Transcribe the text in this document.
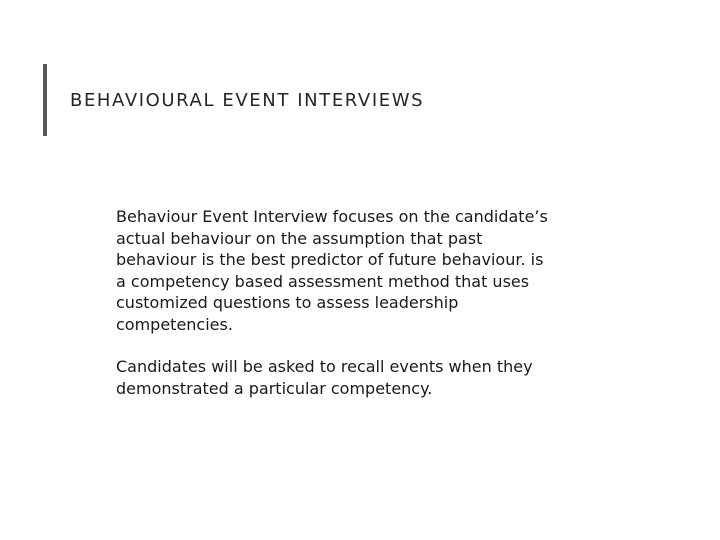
BEHAVIOURAL EVENT INTERVIEWS

Behaviour Event Interview focuses on the candidate’s actual behaviour on the assumption that past behaviour is the best predictor of future behaviour. is a competency based assessment method that uses customized questions to assess leadership competencies.

Candidates will be asked to recall events when they demonstrated a particular competency.
